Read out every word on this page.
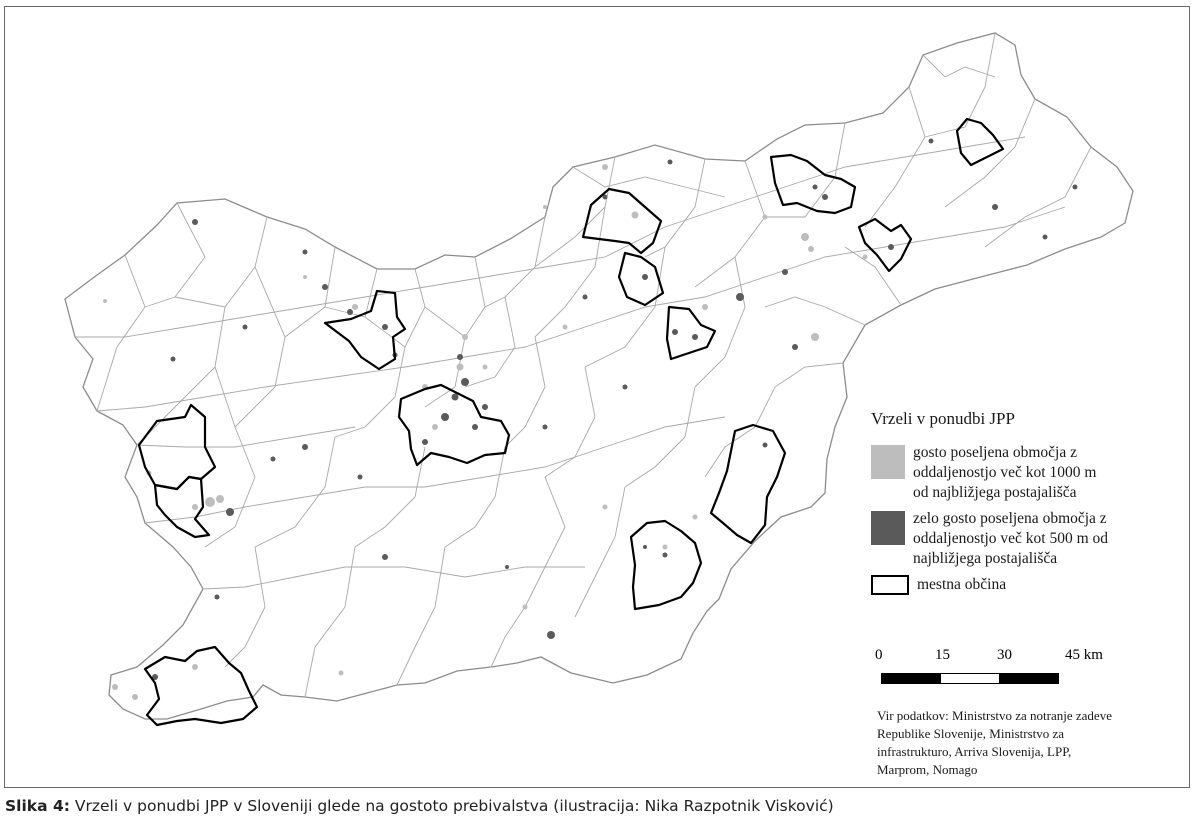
Vrzeli v ponudbi JPP
gosto poseljena območja z
oddaljenostjo več kot 1000 m
od najbližjega postajališča
zelo gosto poseljena območja z
oddaljenostjo več kot 500 m od
najbližjega postajališča
mestna občina
0	15	30	45 km
Vir podatkov: Ministrstvo za notranje zadeve
Republike Slovenije, Ministrstvo za
infrastrukturo, Arriva Slovenija, LPP,
Marprom, Nomago
Slika 4: Vrzeli v ponudbi JPP v Sloveniji glede na gostoto prebivalstva (ilustracija: Nika Razpotnik Visković)
